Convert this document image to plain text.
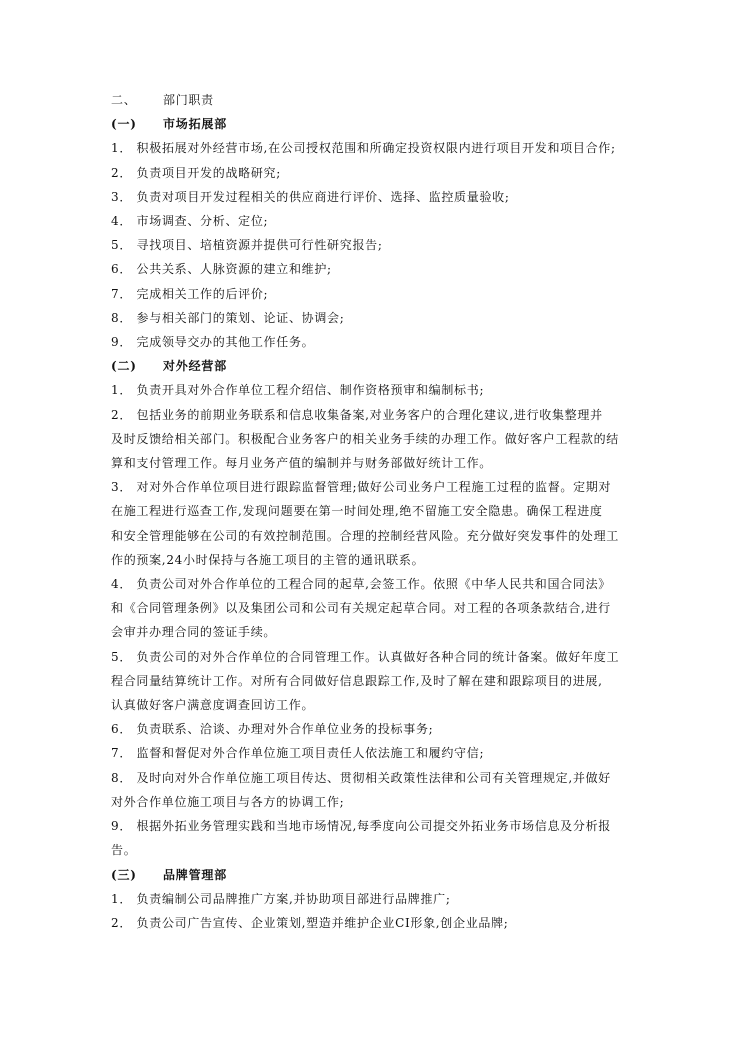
二、 部门职责
(一) 市场拓展部
1． 积极拓展对外经营市场,在公司授权范围和所确定投资权限内进行项目开发和项目合作;
2． 负责项目开发的战略研究;
3． 负责对项目开发过程相关的供应商进行评价、选择、监控质量验收;
4． 市场调查、分析、定位;
5． 寻找项目、培植资源并提供可行性研究报告;
6． 公共关系、人脉资源的建立和维护;
7． 完成相关工作的后评价;
8． 参与相关部门的策划、论证、协调会;
9． 完成领导交办的其他工作任务。
(二) 对外经营部
1． 负责开具对外合作单位工程介绍信、制作资格预审和编制标书;
2． 包括业务的前期业务联系和信息收集备案,对业务客户的合理化建议,进行收集整理并
及时反馈给相关部门。积极配合业务客户的相关业务手续的办理工作。做好客户工程款的结
算和支付管理工作。每月业务产值的编制并与财务部做好统计工作。
3． 对对外合作单位项目进行跟踪监督管理;做好公司业务户工程施工过程的监督。定期对
在施工程进行巡查工作,发现问题要在第一时间处理,绝不留施工安全隐患。确保工程进度
和安全管理能够在公司的有效控制范围。合理的控制经营风险。充分做好突发事件的处理工
作的预案,24小时保持与各施工项目的主管的通讯联系。
4． 负责公司对外合作单位的工程合同的起草,会签工作。依照《中华人民共和国合同法》
和《合同管理条例》以及集团公司和公司有关规定起草合同。对工程的各项条款结合,进行
会审并办理合同的签证手续。
5． 负责公司的对外合作单位的合同管理工作。认真做好各种合同的统计备案。做好年度工
程合同量结算统计工作。对所有合同做好信息跟踪工作,及时了解在建和跟踪项目的进展,
认真做好客户满意度调查回访工作。
6． 负责联系、洽谈、办理对外合作单位业务的投标事务;
7． 监督和督促对外合作单位施工项目责任人依法施工和履约守信;
8． 及时向对外合作单位施工项目传达、贯彻相关政策性法律和公司有关管理规定,并做好
对外合作单位施工项目与各方的协调工作;
9． 根据外拓业务管理实践和当地市场情况,每季度向公司提交外拓业务市场信息及分析报
告。
(三) 品牌管理部
1． 负责编制公司品牌推广方案,并协助项目部进行品牌推广;
2． 负责公司广告宣传、企业策划,塑造并维护企业CI形象,创企业品牌;
